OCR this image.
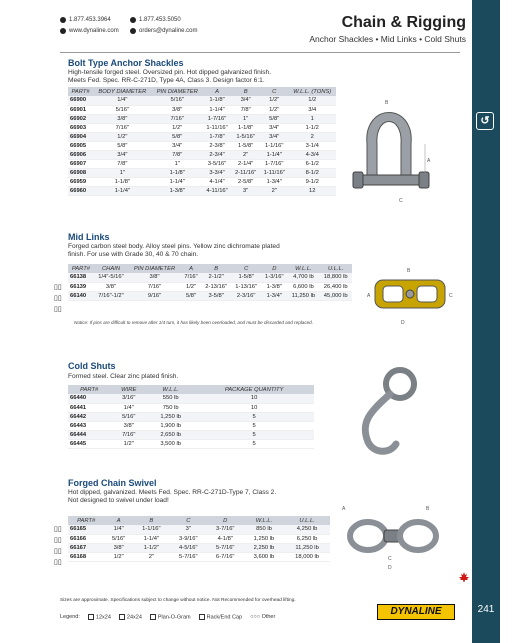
1.877.453.3964	1.877.453.5050
www.dynaline.com	orders@dynaline.com	Chain & Rigging
Anchor Shackles • Mid Links • Cold Shuts
↺
Chain & Rigging
241
Bolt Type Anchor Shackles
High-tensile forged steel. Oversized pin. Hot dipped galvanized finish.
Meets Fed. Spec. RR-C-271D, Type 4A, Class 3. Design factor 6:1.
PART#	BODY DIAMETER	PIN DIAMETER	A	B	C	W.L.L. (TONS)
66900	1/4"	5/16"	1-1/8"	3/4"	1/2"	1/2
66901	5/16"	3/8"	1-1/4"	7/8"	1/2"	3/4
66902	3/8"	7/16"	1-7/16"	1"	5/8"	1
66903	7/16"	1/2"	1-11/16"	1-1/8"	3/4"	1-1/2
66904	1/2"	5/8"	1-7/8"	1-5/16"	3/4"	2
66905	5/8"	3/4"	2-3/8"	1-5/8"	1-1/16"	3-1/4
66906	3/4"	7/8"	2-3/4"	2"	1-1/4"	4-3/4
66907	7/8"	1"	3-5/16"	2-1/4"	1-7/16"	6-1/2
66908	1"	1-1/8"	3-3/4"	2-11/16"	1-11/16"	8-1/2
66959	1-1/8"	1-1/4"	4-1/4"	2-5/8"	1-3/4"	9-1/2
66960	1-1/4"	1-3/8"	4-11/16"	3"	2"	12
A
B
C
Mid Links
Forged carbon steel body. Alloy steel pins. Yellow zinc dichromate plated
finish. For use with Grade 30, 40 & 70 chain.
PART#	CHAIN	PIN DIAMETER	A	B	C	D	W.L.L.	U.L.L.
66138	1/4"-5/16"	3/8"	7/16"	2-1/2"	1-5/8"	1-3/16"	4,700 lb	18,800 lb
66139	3/8"	7/16"	1/2"	2-13/16"	1-13/16"	1-3/8"	6,600 lb	26,400 lb
66140	7/16"-1/2"	9/16"	5/8"	3-5/8"	2-3/16"	1-3/4"	11,250 lb	45,000 lb
▯▯
▯▯
▯▯
Notice: If pins are difficult to remove after 1/4 turn, it has likely been overloaded, and must be discarded and replaced.
B
C
A
D
Cold Shuts
Formed steel. Clear zinc plated finish.
PART#	WIRE	W.L.L.	PACKAGE QUANTITY
66440	3/16"	550 lb	10
66441	1/4"	750 lb	10
66442	5/16"	1,250 lb	5
66443	3/8"	1,900 lb	5
66444	7/16"	2,650 lb	5
66445	1/2"	3,500 lb	5
Forged Chain Swivel
Hot dipped, galvanized. Meets Fed. Spec. RR-C-271D-Type 7, Class 2.
Not designed to swivel under load!
PART#	A	B	C	D	W.L.L.	U.L.L.
66165	1/4"	1-1/16"	3"	3-7/16"	850 lb	4,250 lb
66166	5/16"	1-1/4"	3-9/16"	4-1/8"	1,250 lb	6,250 lb
66167	3/8"	1-1/2"	4-5/16"	5-7/16"	2,250 lb	11,250 lb
66168	1/2"	2"	5-7/16"	6-7/16"	3,600 lb	18,000 lb
▯▯
▯▯
▯▯
▯▯
A	B
C
D
Sizes are approximate. Specifications subject to change without notice. Not Recommended for overhead lifting.
Legend:	12x24	24x24	Plan-O-Gram	Rack/End Cap ○○○ Other
DYNALINE
